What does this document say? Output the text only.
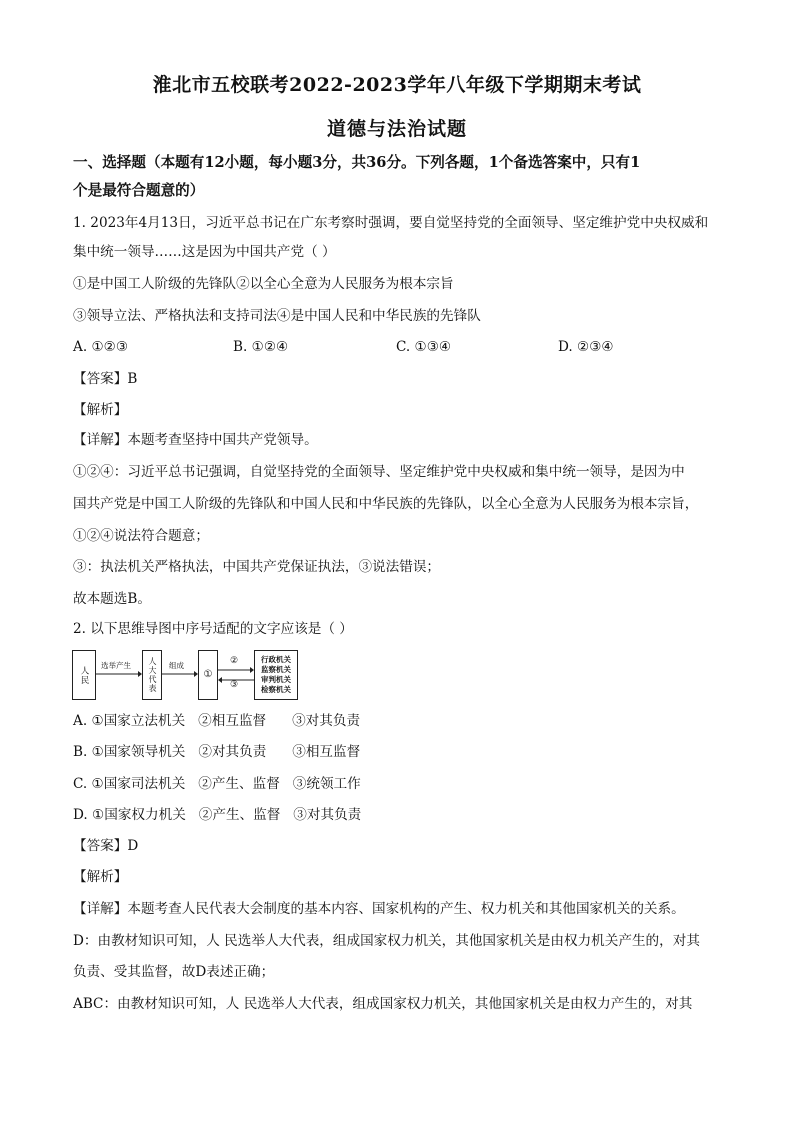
淮北市五校联考2022-2023学年八年级下学期期末考试
道德与法治试题
一、选择题（本题有12小题，每小题3分，共36分。下列各题，1个备选答案中，只有1
个是最符合题意的）
1. 2023年4月13日，习近平总书记在广东考察时强调，要自觉坚持党的全面领导、坚定维护党中央权威和
集中统一领导……这是因为中国共产党（ ）
①是中国工人阶级的先锋队②以全心全意为人民服务为根本宗旨
③领导立法、严格执法和支持司法④是中国人民和中华民族的先锋队
A. ①②③	B. ①②④	C. ①③④	D. ②③④
【答案】B
【解析】
【详解】本题考查坚持中国共产党领导。
①②④：习近平总书记强调，自觉坚持党的全面领导、坚定维护党中央权威和集中统一领导，是因为中
国共产党是中国工人阶级的先锋队和中国人民和中华民族的先锋队，以全心全意为人民服务为根本宗旨，
①②④说法符合题意；
③：执法机关严格执法，中国共产党保证执法，③说法错误；
故本题选B。
2. 以下思维导图中序号适配的文字应该是（ ）
人民	选举产生	人大代表	组成
①
②
③
行政机关
监察机关
审判机关
检察机关
A. ①国家立法机关   ②相互监督      ③对其负责
B. ①国家领导机关   ②对其负责      ③相互监督
C. ①国家司法机关   ②产生、监督   ③统领工作
D. ①国家权力机关   ②产生、监督   ③对其负责
【答案】D
【解析】
【详解】本题考查人民代表大会制度的基本内容、国家机构的产生、权力机关和其他国家机关的关系。
D：由教材知识可知，人 民选举人大代表，组成国家权力机关，其他国家机关是由权力机关产生的，对其
负责、受其监督，故D表述正确；
ABC：由教材知识可知，人 民选举人大代表，组成国家权力机关，其他国家机关是由权力产生的，对其
